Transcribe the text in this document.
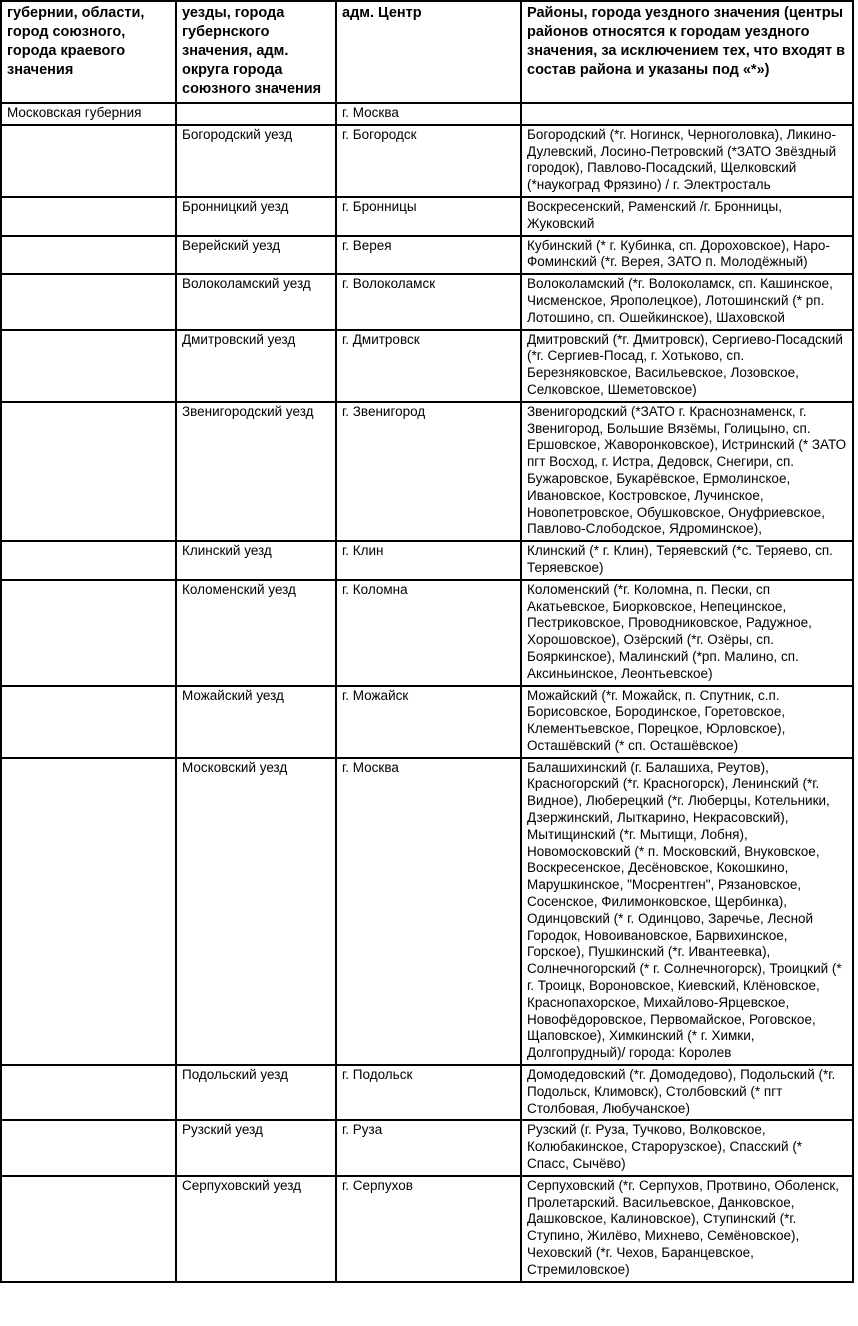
губернии, области, город союзного, города краевого значения	уезды, города губернского значения, адм. округа города союзного значения	адм. Центр	Районы, города уездного значения (центры районов относятся к городам уездного значения, за исключением тех, что входят в состав района и указаны под «*»)
Московская губерния		г. Москва	
	Богородский уезд	г. Богородск	Богородский (*г. Ногинск, Черноголовка), Ликино-Дулевский, Лосино-Петровский (*ЗАТО Звёздный городок), Павлово-Посадский, Щелковский (*наукоград Фрязино) / г. Электросталь
	Бронницкий уезд	г. Бронницы	Воскресенский, Раменский /г. Бронницы, Жуковский
	Верейский уезд	г. Верея	Кубинский (* г. Кубинка, сп. Дороховское), Наро-Фоминский (*г. Верея, ЗАТО п. Молодёжный)
	Волоколамский уезд	г. Волоколамск	Волоколамский (*г. Волоколамск, сп. Кашинское, Чисменское, Ярополецкое), Лотошинский (* рп. Лотошино, сп. Ошейкинское), Шаховской
	Дмитровский уезд	г. Дмитровск	Дмитровский (*г. Дмитровск), Сергиево-Посадский (*г. Сергиев-Посад, г. Хотьково, сп. Березняковское, Васильевское, Лозовское, Селковское, Шеметовское)
	Звенигородский уезд	г. Звенигород	Звенигородский (*ЗАТО г. Краснознаменск, г. Звенигород, Большие Вязёмы, Голицыно, сп. Ершовское, Жаворонковское), Истринский (* ЗАТО пгт Восход, г. Истра, Дедовск, Снегири, сп. Бужаровское, Букарёвское, Ермолинское, Ивановское, Костровское, Лучинское, Новопетровское, Обушковское, Онуфриевское, Павлово-Слободское, Ядроминское),
	Клинский уезд	г. Клин	Клинский (* г. Клин), Теряевский (*с. Теряево, сп. Теряевское)
	Коломенский уезд	г. Коломна	Коломенский (*г. Коломна, п. Пески, сп Акатьевское, Биорковское, Непецинское, Пестриковское, Проводниковское, Радужное, Хорошовское), Озёрский (*г. Озёры, сп. Бояркинское), Малинский (*рп. Малино, сп. Аксиньинское, Леонтьевское)
	Можайский уезд	г. Можайск	Можайский (*г. Можайск, п. Спутник, с.п. Борисовское, Бородинское, Горетовское, Клементьевское, Порецкое, Юрловское), Осташёвский (* сп. Осташёвское)
	Московский уезд	г. Москва	Балашихинский (г. Балашиха, Реутов), Красногорский (*г. Красногорск), Ленинский (*г. Видное), Люберецкий (*г. Люберцы, Котельники, Дзержинский, Лыткарино, Некрасовский), Мытищинский (*г. Мытищи, Лобня), Новомосковский (* п. Московский, Внуковское, Воскресенское, Десёновское, Кокошкино, Марушкинское, "Мосрентген", Рязановское, Сосенское, Филимонковское, Щербинка), Одинцовский (* г. Одинцово, Заречье, Лесной Городок, Новоивановское, Барвихинское, Горское), Пушкинский (*г. Ивантеевка), Солнечногорский (* г. Солнечногорск), Троицкий (* г. Троицк, Вороновское, Киевский, Клёновское, Краснопахорское, Михайлово-Ярцевское, Новофёдоровское, Первомайское, Роговское, Щаповское), Химкинский (* г. Химки, Долгопрудный)/ города: Королев
	Подольский уезд	г. Подольск	Домодедовский (*г. Домодедово), Подольский (*г. Подольск, Климовск), Столбовский (* пгт Столбовая, Любучанское)
	Рузский уезд	г. Руза	Рузский (г. Руза, Тучково, Волковское, Колюбакинское, Старорузское), Спасский (* Спасс, Сычёво)
	Серпуховский уезд	г. Серпухов	Серпуховский (*г. Серпухов, Протвино, Оболенск, Пролетарский. Васильевское, Данковское, Дашковское, Калиновское), Ступинский (*г. Ступино, Жилёво, Михнево, Семёновское), Чеховский (*г. Чехов, Баранцевское, Стремиловское)
